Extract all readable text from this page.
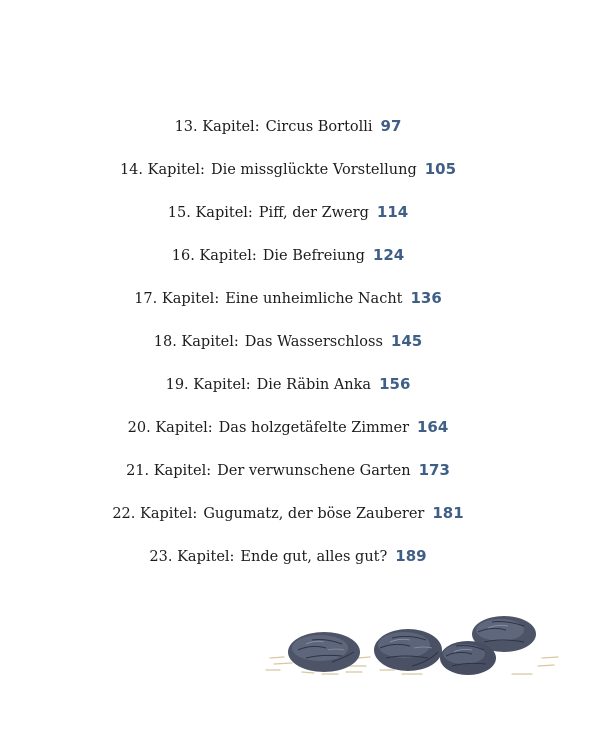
13. Kapitel: Circus Bortolli 97
14. Kapitel: Die missglückte Vorstellung 105
15. Kapitel: Piff, der Zwerg 114
16. Kapitel: Die Befreiung 124
17. Kapitel: Eine unheimliche Nacht 136
18. Kapitel: Das Wasserschloss 145
19. Kapitel: Die Räbin Anka 156
20. Kapitel: Das holzgetäfelte Zimmer 164
21. Kapitel: Der verwunschene Garten 173
22. Kapitel: Gugumatz, der böse Zauberer 181
23. Kapitel: Ende gut, alles gut? 189
